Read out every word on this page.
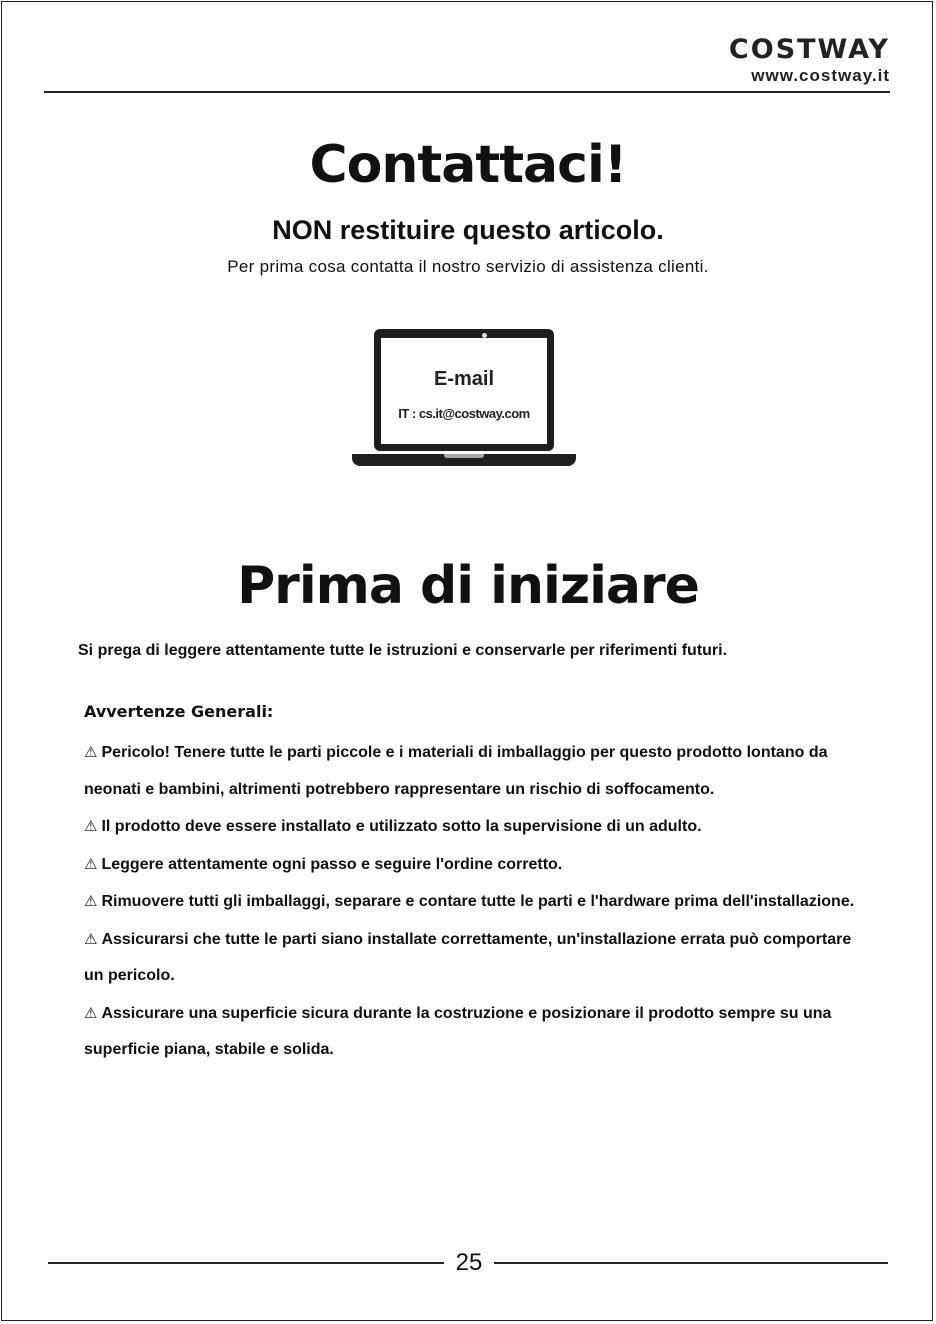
COSTWAY
www.costway.it
Contattaci!
NON restituire questo articolo.
Per prima cosa contatta il nostro servizio di assistenza clienti.
E-mail
IT : cs.it@costway.com
Prima di iniziare
Si prega di leggere attentamente tutte le istruzioni e conservarle per riferimenti futuri.
Avvertenze Generali:

⚠ Pericolo! Tenere tutte le parti piccole e i materiali di imballaggio per questo prodotto lontano da neonati e bambini, altrimenti potrebbero rappresentare un rischio di soffocamento.

⚠ Il prodotto deve essere installato e utilizzato sotto la supervisione di un adulto.

⚠ Leggere attentamente ogni passo e seguire l'ordine corretto.

⚠ Rimuovere tutti gli imballaggi, separare e contare tutte le parti e l'hardware prima dell'installazione.

⚠ Assicurarsi che tutte le parti siano installate correttamente, un'installazione errata può comportare un pericolo.

⚠ Assicurare una superficie sicura durante la costruzione e posizionare il prodotto sempre su una superficie piana, stabile e solida.

25
